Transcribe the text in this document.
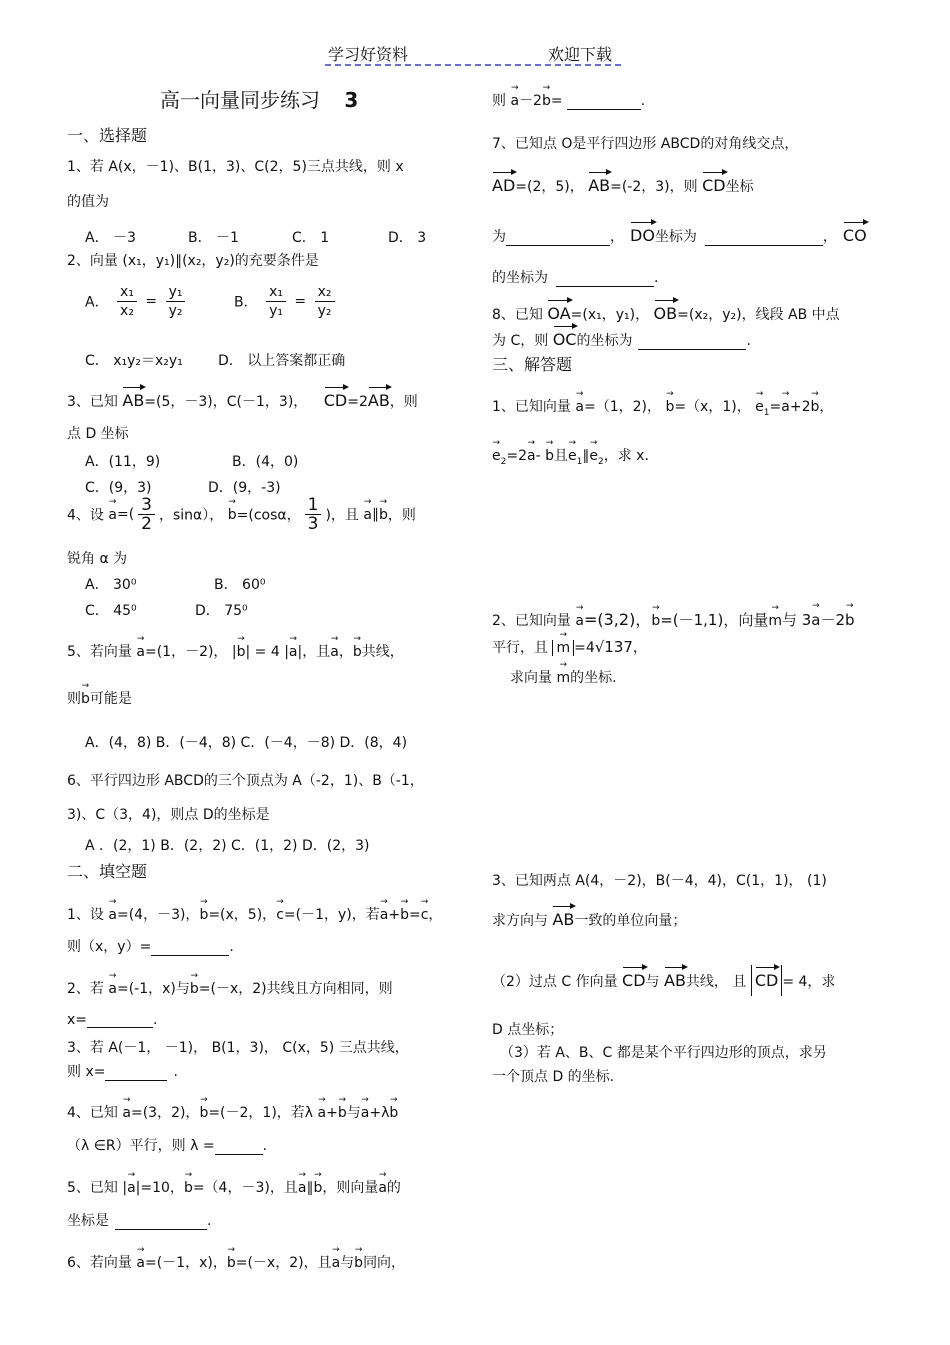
学习好资料	欢迎下载
高一向量同步练习 3
一、选择题
1、若 A(x，－1)、B(1，3)、C(2，5)三点共线，则 x
的值为
A． －3	B． －1	C． 1	D． 3
2、向量 (x₁，y₁)∥(x₂，y₂)的充要条件是
A． $\frac{\text{x₁}}{\text{x₂}} = \frac{\text{y₁}}{\text{y₂}}$	B． $\frac{\text{x₁}}{\text{y₁}} = \frac{\text{x₂}}{\text{y₂}}$
C． x₁y₂＝x₂y₁	D． 以上答案都正确
3、已知 AB=(5，－3)，C(－1，3)， CD=2AB，则
点 D 坐标
A．(11，9)	B．(4，0)
C．(9，3)	D．(9，-3)
4、设 → $a=( \frac{3}{2}$ ，sinα）， → b=(cosα， $\frac{1}{3}$ )，且 → a∥→ b，则
锐角 α 为
A． 30⁰	B． 60⁰
C． 45⁰	D． 75⁰
5、若向量 → a=(1，－2)， |→ b| = 4 |→ a|，且→ a，→ b共线，
则→ b可能是
A．(4，8) B．(－4，8) C．(－4，－8) D．(8，4)
6、平行四边形 ABCD的三个顶点为 A（-2，1)、B（-1，
3)、C（3，4)，则点 D的坐标是
A ．(2，1) B．(2，2) C．(1，2) D．(2，3)
二、填空题
1、设 → a=(4，－3)，→ b=(x，5)，→ c=(－1，y)，若→ a+→ b=→ c，
则（x，y）=	.
2、若 → a=(-1，x)与→ b=(－x，2)共线且方向相同，则
x=	.
3、若 A(－1， －1)， B(1，3)， C(x，5) 三点共线，
则 x=	.
4、已知 → a=(3，2)，→ b=(－2，1)，若λ → a+→ b与→ a+λ→ b
（λ ∈R）平行，则 λ =	.
5、已知 |→ a|=10，→ b=（4，－3)，且→ a∥→ b，则向量→ a的
坐标是	.
6、若向量 → a=(－1，x)，→ b=(－x，2)，且→ a与→ b同向，
则 → a－2→ b=	.
7、已知点 O是平行四边形 ABCD的对角线交点，
AD=(2，5)， AB=(-2，3)，则 CD坐标
为	， DO坐标为	， CO
的坐标为	.
8、已知 OA=(x₁，y₁)， OB=(x₂，y₂)，线段 AB 中点
为 C，则 OC的坐标为	.
三、解答题
1、已知向量 → a=（1，2)， → b=（x，1)， → $e_1=\to a+2\to b$，
→ $e_2=2\to a- \to b$且→ $e_1\parallel\to e_2$，求 x.
2、已知向量 → a=(3,2)，→ b=(－1,1)，向量→ m与 3→ a－2→ b
平行，且 → m =4√137，
求向量 → m的坐标.
3、已知两点 A(4，－2)，B(－4，4)，C(1，1)， (1)
求方向与 AB一致的单位向量；
（2）过点 C 作向量 CD与 AB共线， 且 CD = 4，求
D 点坐标；
（3）若 A、B、C 都是某个平行四边形的顶点，求另
一个顶点 D 的坐标.
